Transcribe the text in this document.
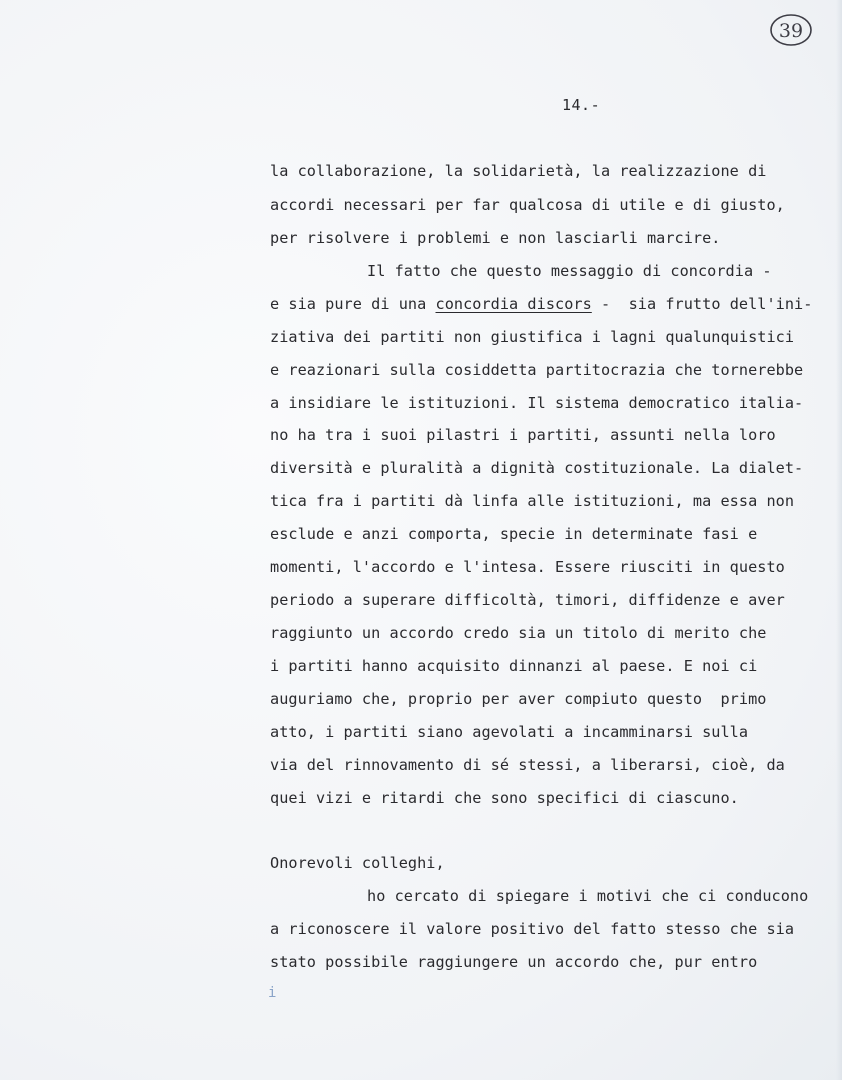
39
14.-
la collaborazione, la solidarietà, la realizzazione di
accordi necessari per far qualcosa di utile e di giusto,
per risolvere i problemi e non lasciarli marcire.
Il fatto che questo messaggio di concordia -
e sia pure di una concordia discors -  sia frutto dell'ini-
ziativa dei partiti non giustifica i lagni qualunquistici
e reazionari sulla cosiddetta partitocrazia che tornerebbe
a insidiare le istituzioni. Il sistema democratico italia-
no ha tra i suoi pilastri i partiti, assunti nella loro
diversità e pluralità a dignità costituzionale. La dialet-
tica fra i partiti dà linfa alle istituzioni, ma essa non
esclude e anzi comporta, specie in determinate fasi e
momenti, l'accordo e l'intesa. Essere riusciti in questo
periodo a superare difficoltà, timori, diffidenze e aver
raggiunto un accordo credo sia un titolo di merito che
i partiti hanno acquisito dinnanzi al paese. E noi ci
auguriamo che, proprio per aver compiuto questo  primo
atto, i partiti siano agevolati a incamminarsi sulla
via del rinnovamento di sé stessi, a liberarsi, cioè, da
quei vizi e ritardi che sono specifici di ciascuno.
Onorevoli colleghi,
ho cercato di spiegare i motivi che ci conducono
a riconoscere il valore positivo del fatto stesso che sia
stato possibile raggiungere un accordo che, pur entro
i
